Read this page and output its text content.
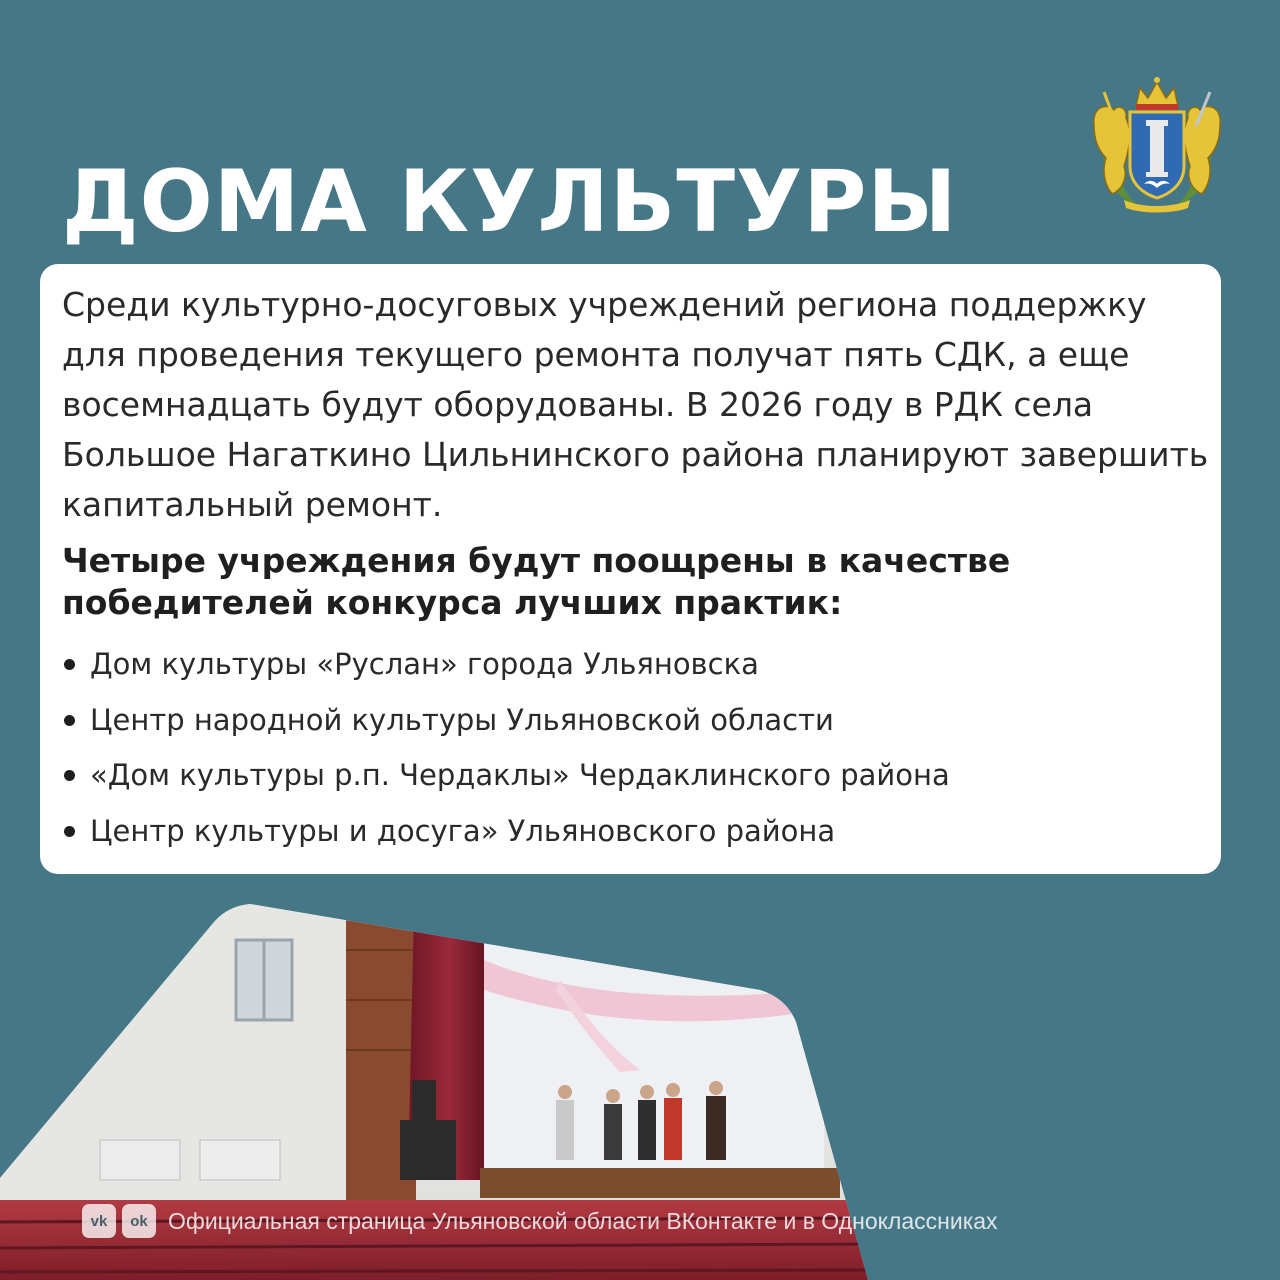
ДОМА КУЛЬТУРЫ

Среди культурно-досуговых учреждений региона поддержку для проведения текущего ремонта получат пять СДК, а еще восемнадцать будут оборудованы. В 2026 году в РДК села Большое Нагаткино Цильнинского района планируют завершить капитальный ремонт.

Четыре учреждения будут поощрены в качестве победителей конкурса лучших практик:

Дом культуры «Руслан» города Ульяновска
Центр народной культуры Ульяновской области
«Дом культуры р.п. Чердаклы» Чердаклинского района
Центр культуры и досуга» Ульяновского района
vk	ok Официальная страница Ульяновской области ВКонтакте и в Одноклассниках
